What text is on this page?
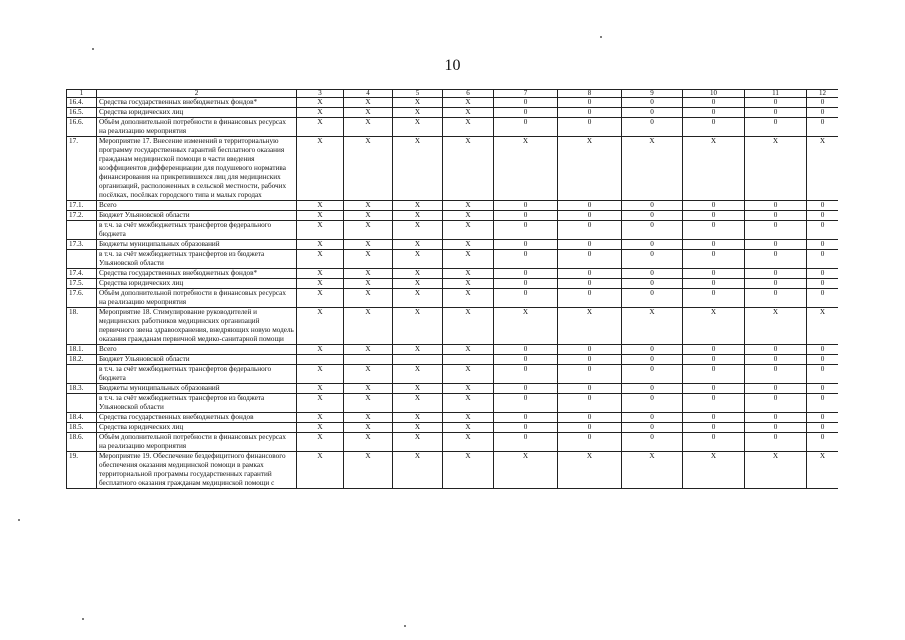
10
1	2	3	4	5	6	7	8	9	10	11	12
16.4.	Средства государственных внебюджетных фондов*	X	X	X	X	0	0	0	0	0	0
16.5.	Средства юридических лиц	X	X	X	X	0	0	0	0	0	0
16.6.	Объём дополнительной потребности в финансовых ресурсах на реализацию мероприятия	X	X	X	X	0	0	0	0	0	0
17.	Мероприятие 17. Внесение изменений в территориальную программу государственных гарантий бесплатного оказания гражданам медицинской помощи в части введения коэффициентов дифференциации для подушевого норматива финансирования на прикрепившихся лиц для медицинских организаций, расположенных в сельской местности, рабочих посёлках, посёлках городского типа и малых городах	X	X	X	X	X	X	X	X	X	X
17.1.	Всего	X	X	X	X	0	0	0	0	0	0
17.2.	Бюджет Ульяновской области	X	X	X	X	0	0	0	0	0	0
	в т.ч. за счёт межбюджетных трансфертов федерального бюджета	X	X	X	X	0	0	0	0	0	0
17.3.	Бюджеты муниципальных образований	X	X	X	X	0	0	0	0	0	0
	в т.ч. за счёт межбюджетных трансфертов из бюджета Ульяновской области	X	X	X	X	0	0	0	0	0	0
17.4.	Средства государственных внебюджетных фондов*	X	X	X	X	0	0	0	0	0	0
17.5.	Средства юридических лиц	X	X	X	X	0	0	0	0	0	0
17.6.	Объём дополнительной потребности в финансовых ресурсах на реализацию мероприятия	X	X	X	X	0	0	0	0	0	0
18.	Мероприятие 18. Стимулирование руководителей и медицинских работников медицинских организаций первичного звена здравоохранения, внедряющих новую модель оказания гражданам первичной медико-санитарной помощи	X	X	X	X	X	X	X	X	X	X
18.1.	Всего	X	X	X	X	0	0	0	0	0	0
18.2.	Бюджет Ульяновской области					0	0	0	0	0	0
	в т.ч. за счёт межбюджетных трансфертов федерального бюджета	X	X	X	X	0	0	0	0	0	0
18.3.	Бюджеты муниципальных образований	X	X	X	X	0	0	0	0	0	0
	в т.ч. за счёт межбюджетных трансфертов из бюджета Ульяновской области	X	X	X	X	0	0	0	0	0	0
18.4.	Средства государственных внебюджетных фондов	X	X	X	X	0	0	0	0	0	0
18.5.	Средства юридических лиц	X	X	X	X	0	0	0	0	0	0
18.6.	Объём дополнительной потребности в финансовых ресурсах на реализацию мероприятия	X	X	X	X	0	0	0	0	0	0
19.	Мероприятие 19. Обеспечение бездефицитного финансового обеспечения оказания медицинской помощи в рамках территориальной программы государственных гарантий бесплатного оказания гражданам медицинской помощи с	X	X	X	X	X	X	X	X	X	X
